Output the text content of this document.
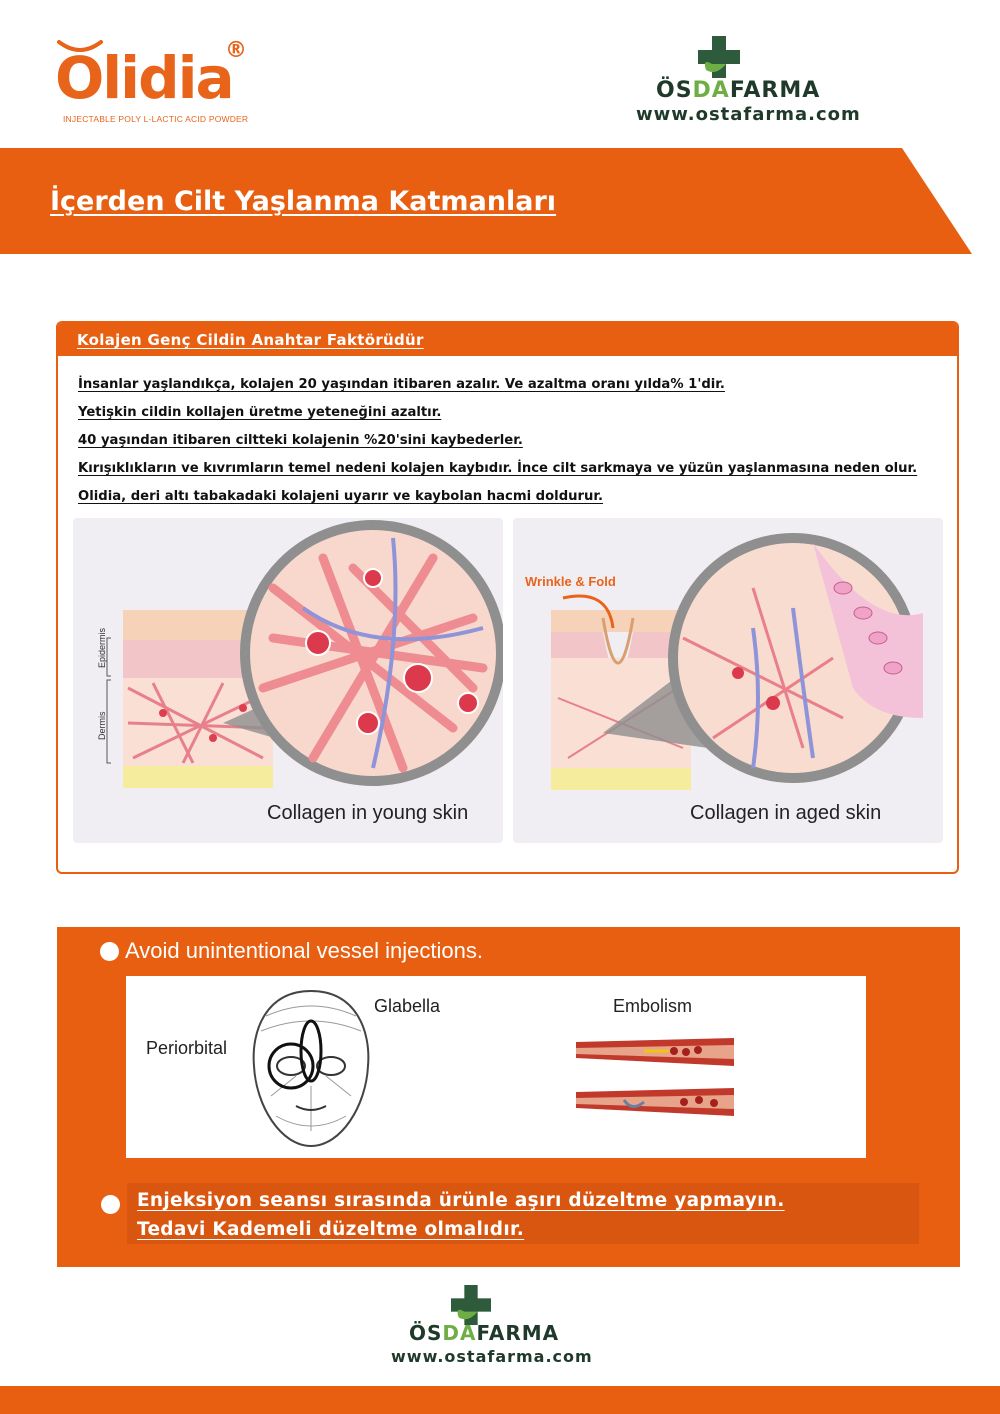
Olidia
®
INJECTABLE POLY L-LACTIC ACID POWDER
ÖSDAFARMA
www.ostafarma.com
İçerden Cilt Yaşlanma Katmanları
Kolajen Genç Cildin Anahtar Faktörüdür
İnsanlar yaşlandıkça, kolajen 20 yaşından itibaren azalır. Ve azaltma oranı yılda% 1'dir.
Yetişkin cildin kollajen üretme yeteneğini azaltır.
40 yaşından itibaren ciltteki kolajenin %20'sini kaybederler.
Kırışıklıkların ve kıvrımların temel nedeni kolajen kaybıdır. İnce cilt sarkmaya ve yüzün yaşlanmasına neden olur.
Olidia, deri altı tabakadaki kolajeni uyarır ve kaybolan hacmi doldurur.
Epidermis
Dermis
Collagen in young skin
Wrinkle & Fold
Collagen in aged skin
Avoid unintentional vessel injections.
Glabella
Periorbital
Embolism
Enjeksiyon seansı sırasında ürünle aşırı düzeltme yapmayın.
Tedavi Kademeli düzeltme olmalıdır.
ÖSDAFARMA
www.ostafarma.com
